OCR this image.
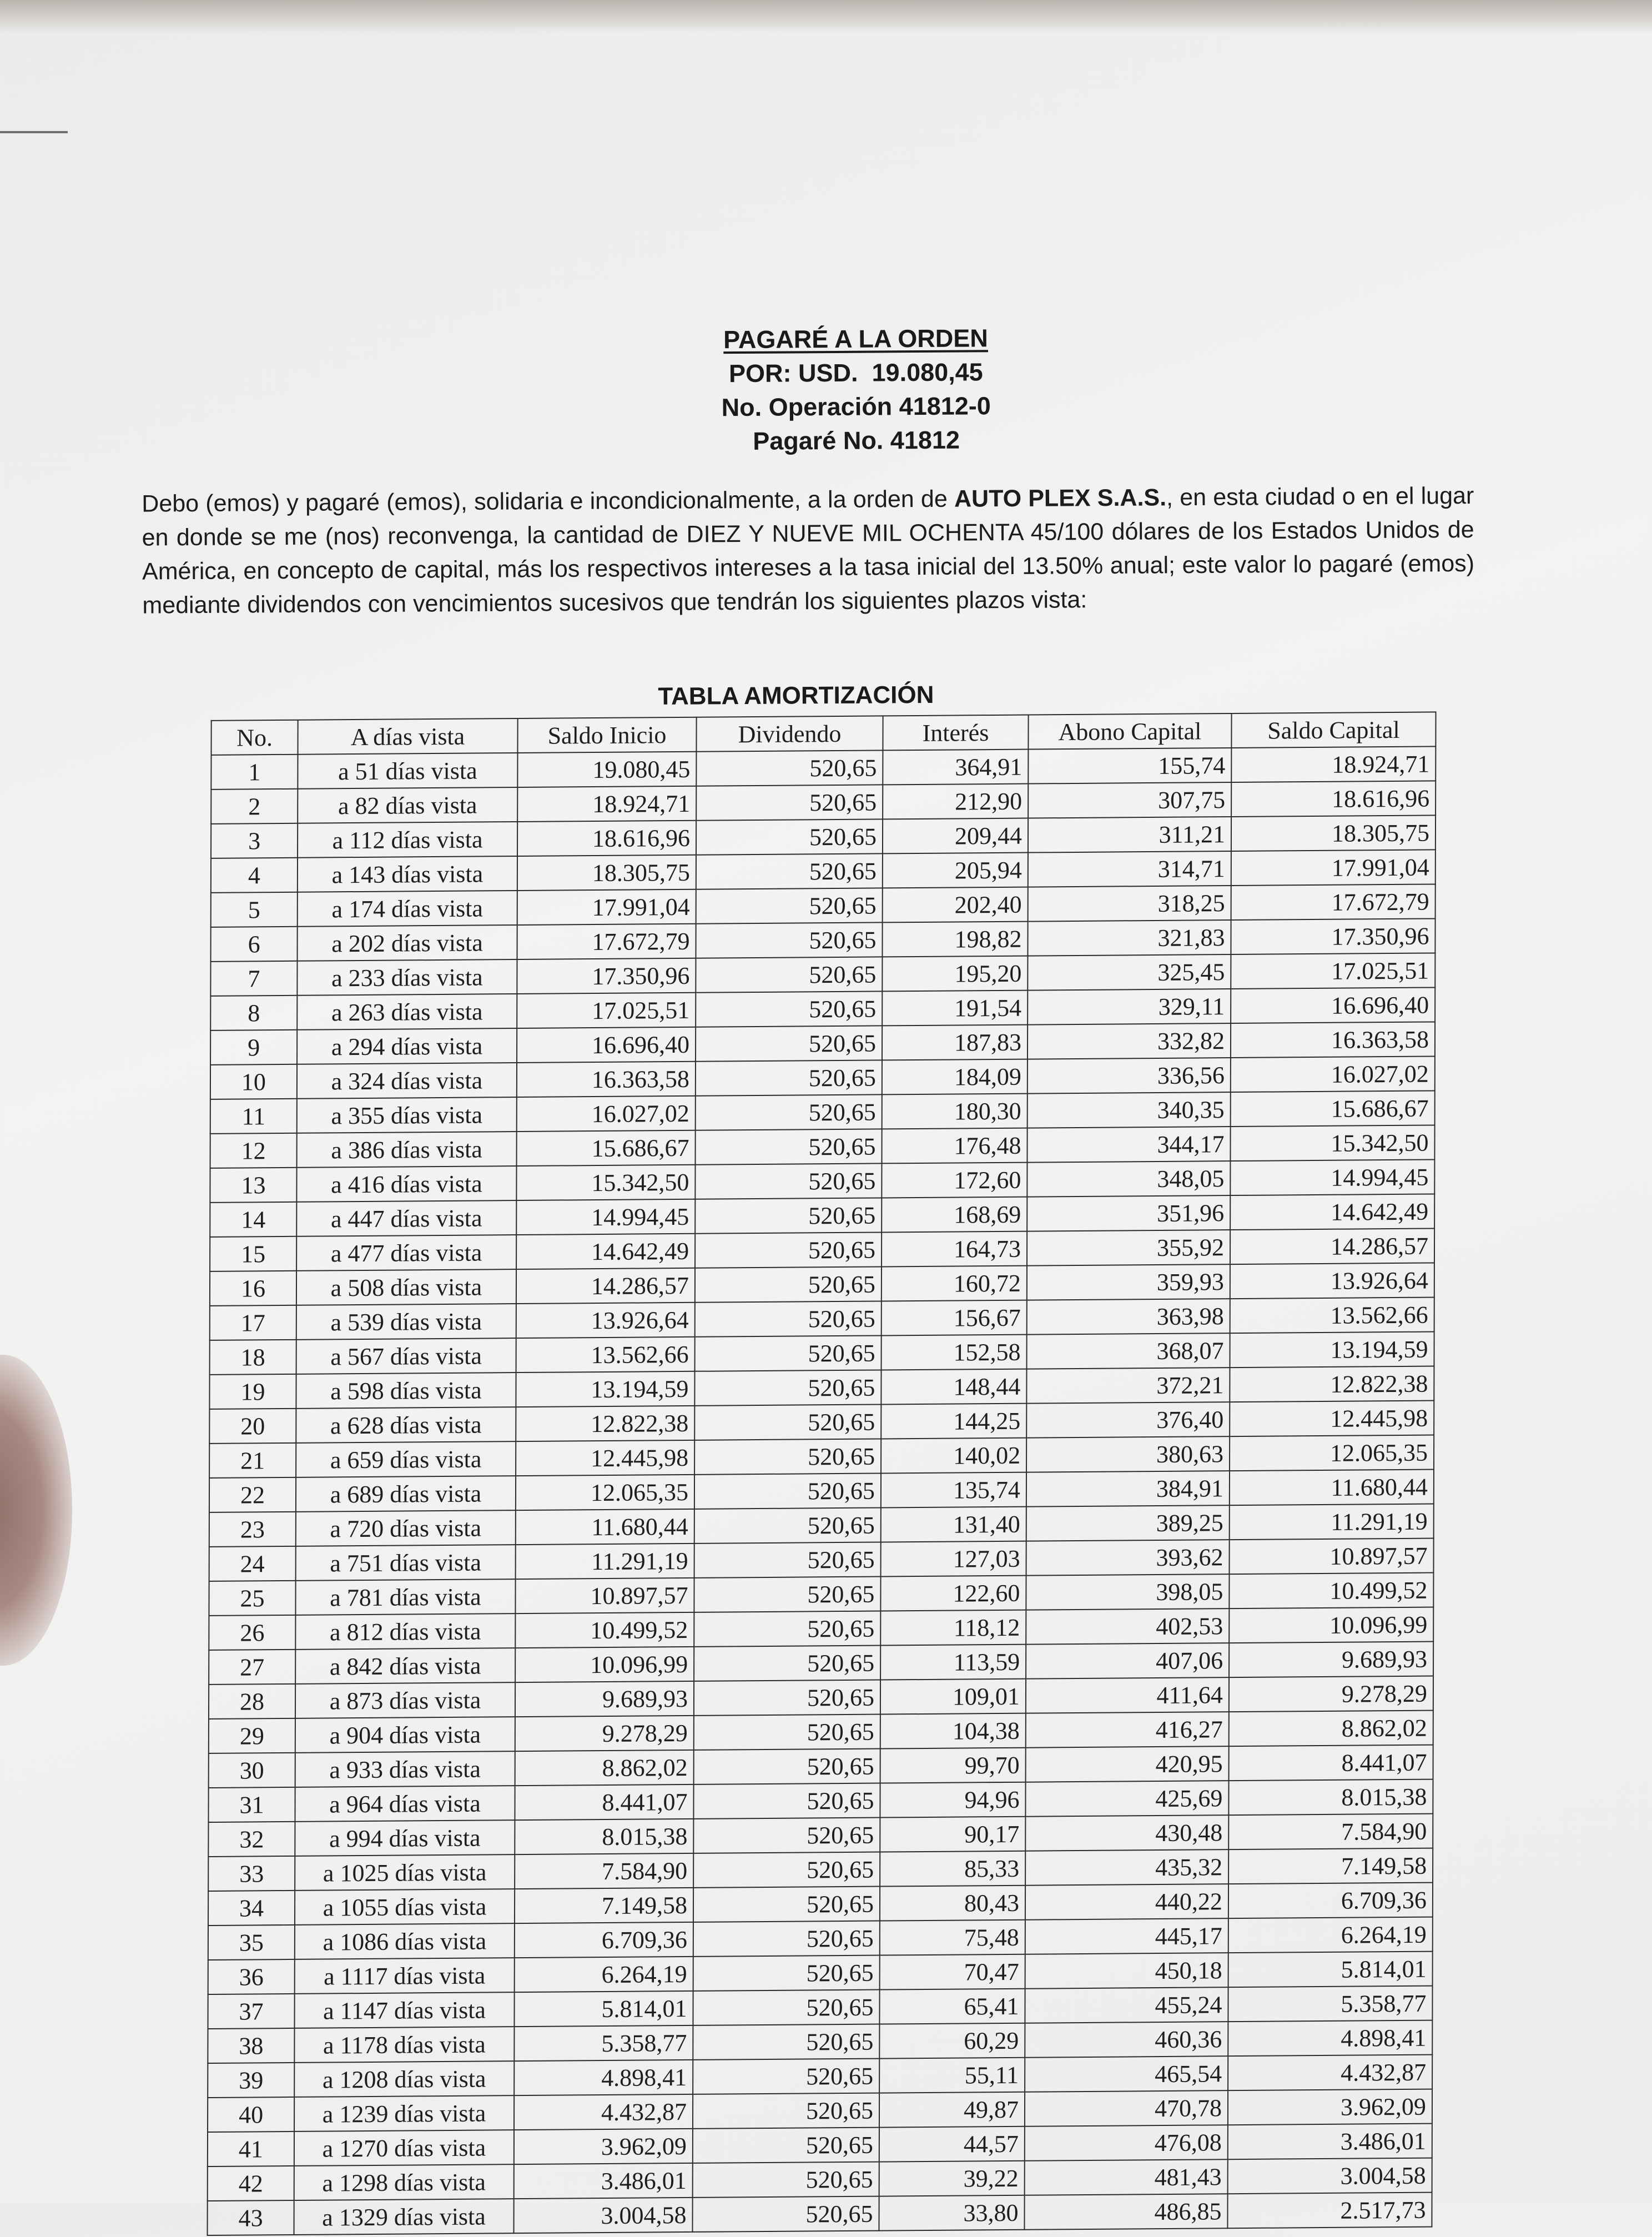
PAGARÉ A LA ORDEN
POR: USD.  19.080,45
No. Operación 41812-0
Pagaré No. 41812

Debo (emos) y pagaré (emos), solidaria e incondicionalmente, a la orden de AUTO PLEX S.A.S., en esta ciudad o en el lugar en donde se me (nos) reconvenga, la cantidad de DIEZ Y NUEVE MIL OCHENTA 45/100 dólares de los Estados Unidos de América, en concepto de capital, más los respectivos intereses a la tasa inicial del 13.50% anual; este valor lo pagaré (emos) mediante dividendos con vencimientos sucesivos que tendrán los siguientes plazos vista:

TABLA AMORTIZACIÓN
No.	A días vista	Saldo Inicio	Dividendo	Interés	Abono Capital	Saldo Capital
1	a 51 días vista	19.080,45	520,65	364,91	155,74	18.924,71
2	a 82 días vista	18.924,71	520,65	212,90	307,75	18.616,96
3	a 112 días vista	18.616,96	520,65	209,44	311,21	18.305,75
4	a 143 días vista	18.305,75	520,65	205,94	314,71	17.991,04
5	a 174 días vista	17.991,04	520,65	202,40	318,25	17.672,79
6	a 202 días vista	17.672,79	520,65	198,82	321,83	17.350,96
7	a 233 días vista	17.350,96	520,65	195,20	325,45	17.025,51
8	a 263 días vista	17.025,51	520,65	191,54	329,11	16.696,40
9	a 294 días vista	16.696,40	520,65	187,83	332,82	16.363,58
10	a 324 días vista	16.363,58	520,65	184,09	336,56	16.027,02
11	a 355 días vista	16.027,02	520,65	180,30	340,35	15.686,67
12	a 386 días vista	15.686,67	520,65	176,48	344,17	15.342,50
13	a 416 días vista	15.342,50	520,65	172,60	348,05	14.994,45
14	a 447 días vista	14.994,45	520,65	168,69	351,96	14.642,49
15	a 477 días vista	14.642,49	520,65	164,73	355,92	14.286,57
16	a 508 días vista	14.286,57	520,65	160,72	359,93	13.926,64
17	a 539 días vista	13.926,64	520,65	156,67	363,98	13.562,66
18	a 567 días vista	13.562,66	520,65	152,58	368,07	13.194,59
19	a 598 días vista	13.194,59	520,65	148,44	372,21	12.822,38
20	a 628 días vista	12.822,38	520,65	144,25	376,40	12.445,98
21	a 659 días vista	12.445,98	520,65	140,02	380,63	12.065,35
22	a 689 días vista	12.065,35	520,65	135,74	384,91	11.680,44
23	a 720 días vista	11.680,44	520,65	131,40	389,25	11.291,19
24	a 751 días vista	11.291,19	520,65	127,03	393,62	10.897,57
25	a 781 días vista	10.897,57	520,65	122,60	398,05	10.499,52
26	a 812 días vista	10.499,52	520,65	118,12	402,53	10.096,99
27	a 842 días vista	10.096,99	520,65	113,59	407,06	9.689,93
28	a 873 días vista	9.689,93	520,65	109,01	411,64	9.278,29
29	a 904 días vista	9.278,29	520,65	104,38	416,27	8.862,02
30	a 933 días vista	8.862,02	520,65	99,70	420,95	8.441,07
31	a 964 días vista	8.441,07	520,65	94,96	425,69	8.015,38
32	a 994 días vista	8.015,38	520,65	90,17	430,48	7.584,90
33	a 1025 días vista	7.584,90	520,65	85,33	435,32	7.149,58
34	a 1055 días vista	7.149,58	520,65	80,43	440,22	6.709,36
35	a 1086 días vista	6.709,36	520,65	75,48	445,17	6.264,19
36	a 1117 días vista	6.264,19	520,65	70,47	450,18	5.814,01
37	a 1147 días vista	5.814,01	520,65	65,41	455,24	5.358,77
38	a 1178 días vista	5.358,77	520,65	60,29	460,36	4.898,41
39	a 1208 días vista	4.898,41	520,65	55,11	465,54	4.432,87
40	a 1239 días vista	4.432,87	520,65	49,87	470,78	3.962,09
41	a 1270 días vista	3.962,09	520,65	44,57	476,08	3.486,01
42	a 1298 días vista	3.486,01	520,65	39,22	481,43	3.004,58
43	a 1329 días vista	3.004,58	520,65	33,80	486,85	2.517,73
